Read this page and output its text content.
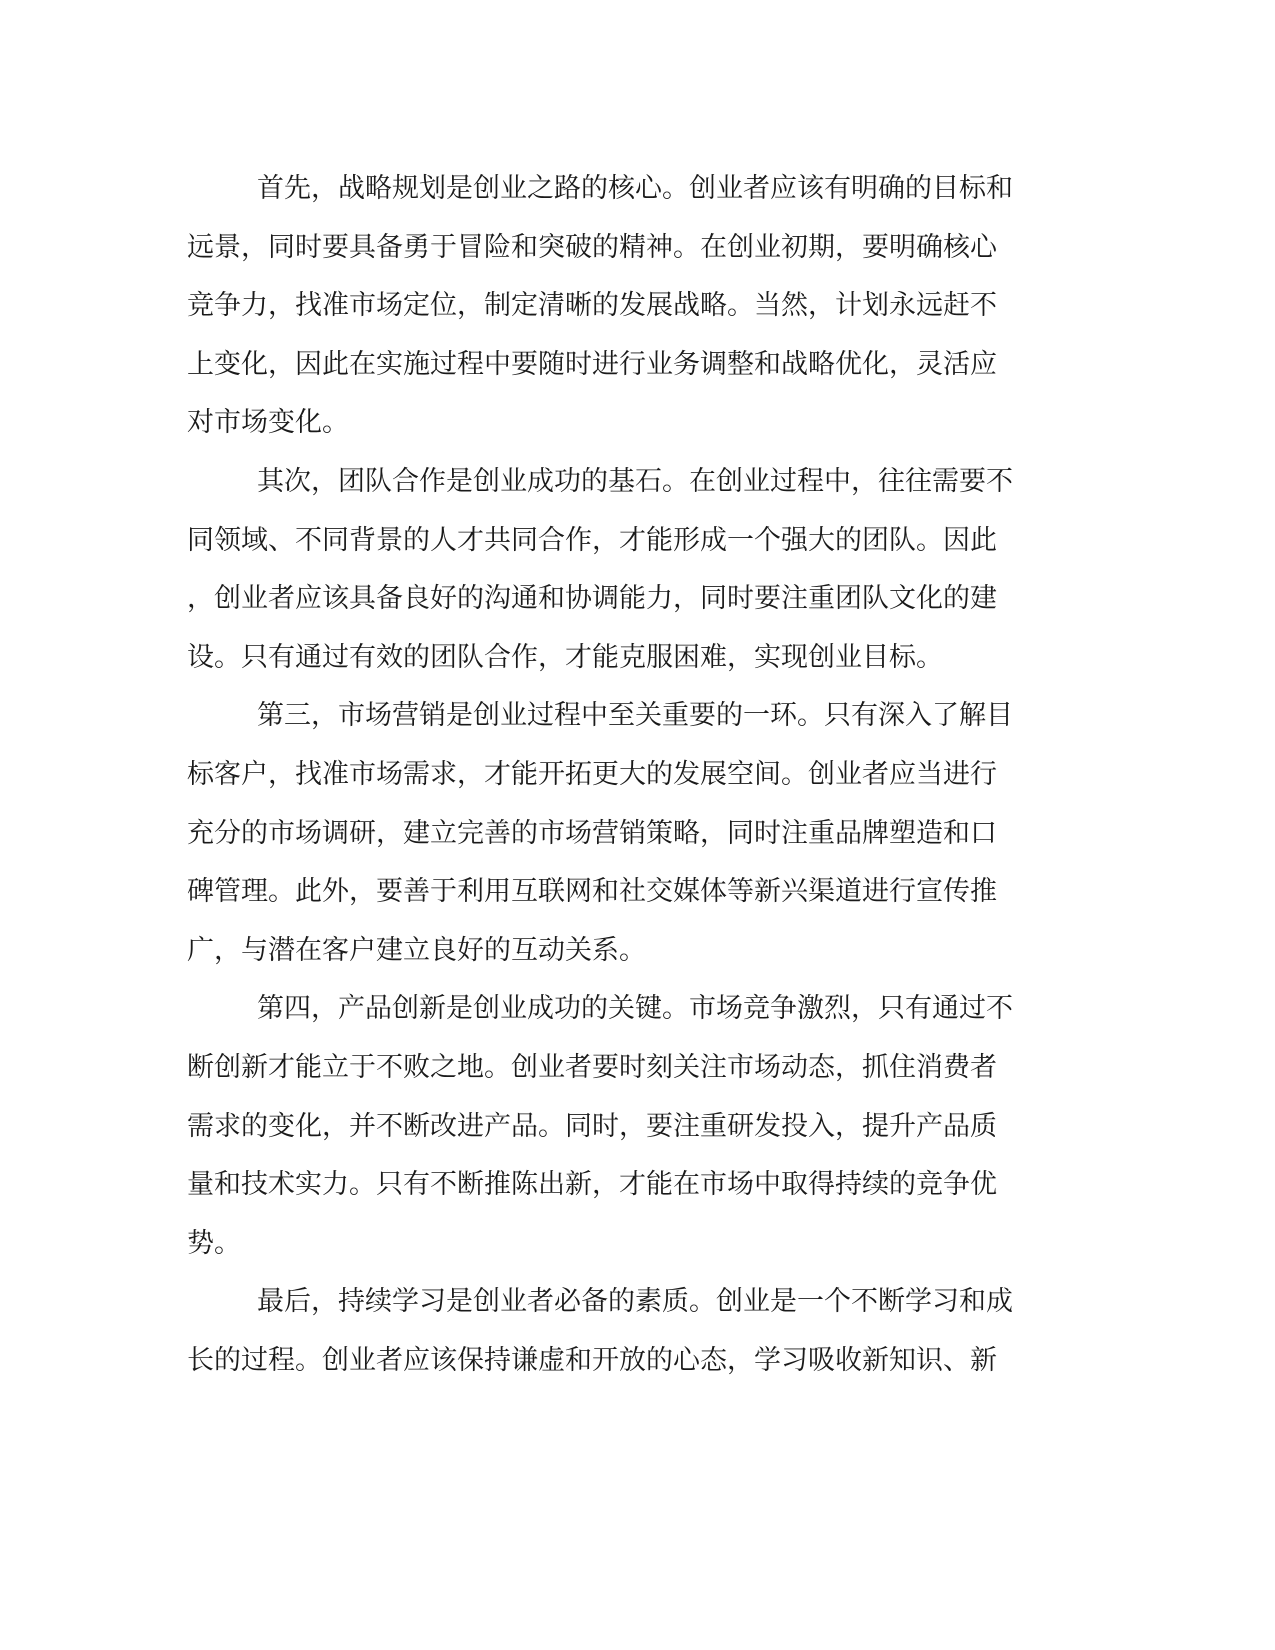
首先，战略规划是创业之路的核心。创业者应该有明确的目标和
远景，同时要具备勇于冒险和突破的精神。在创业初期，要明确核心
竞争力，找准市场定位，制定清晰的发展战略。当然，计划永远赶不
上变化，因此在实施过程中要随时进行业务调整和战略优化，灵活应
对市场变化。
其次，团队合作是创业成功的基石。在创业过程中，往往需要不
同领域、不同背景的人才共同合作，才能形成一个强大的团队。因此
，创业者应该具备良好的沟通和协调能力，同时要注重团队文化的建
设。只有通过有效的团队合作，才能克服困难，实现创业目标。
第三，市场营销是创业过程中至关重要的一环。只有深入了解目
标客户，找准市场需求，才能开拓更大的发展空间。创业者应当进行
充分的市场调研，建立完善的市场营销策略，同时注重品牌塑造和口
碑管理。此外，要善于利用互联网和社交媒体等新兴渠道进行宣传推
广，与潜在客户建立良好的互动关系。
第四，产品创新是创业成功的关键。市场竞争激烈，只有通过不
断创新才能立于不败之地。创业者要时刻关注市场动态，抓住消费者
需求的变化，并不断改进产品。同时，要注重研发投入，提升产品质
量和技术实力。只有不断推陈出新，才能在市场中取得持续的竞争优
势。
最后，持续学习是创业者必备的素质。创业是一个不断学习和成
长的过程。创业者应该保持谦虚和开放的心态，学习吸收新知识、新
